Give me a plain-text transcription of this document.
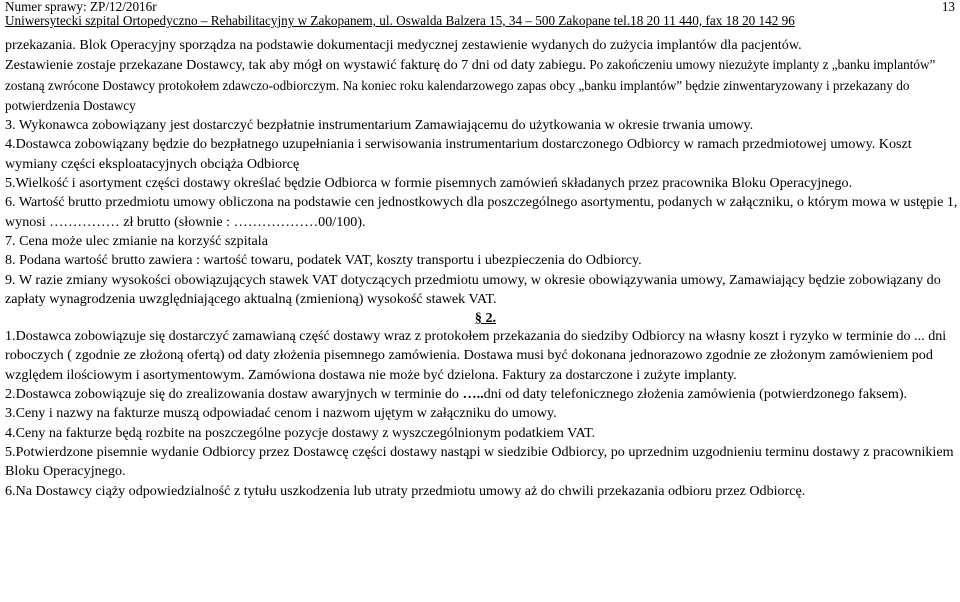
Numer sprawy: ZP/12/2016r	13
Uniwersytecki szpital Ortopedyczno – Rehabilitacyjny w Zakopanem, ul. Oswalda Balzera 15, 34 – 500 Zakopane tel.18 20 11 440, fax 18 20 142 96

przekazania. Blok Operacyjny sporządza na podstawie dokumentacji medycznej zestawienie wydanych do zużycia implantów dla pacjentów.

Zestawienie zostaje przekazane Dostawcy, tak aby mógł on wystawić fakturę do 7 dni od daty zabiegu. Po zakończeniu umowy niezużyte implanty z „banku implantów” zostaną zwrócone Dostawcy protokołem zdawczo-odbiorczym. Na koniec roku kalendarzowego zapas obcy „banku implantów” będzie zinwentaryzowany i przekazany do potwierdzenia Dostawcy

3. Wykonawca zobowiązany jest dostarczyć bezpłatnie instrumentarium Zamawiającemu do użytkowania w okresie trwania umowy.

4.Dostawca zobowiązany będzie do bezpłatnego uzupełniania i serwisowania instrumentarium dostarczonego Odbiorcy w ramach przedmiotowej umowy. Koszt wymiany części eksploatacyjnych obciąża Odbiorcę

5.Wielkość i asortyment części dostawy określać będzie Odbiorca w formie pisemnych zamówień składanych przez pracownika Bloku Operacyjnego.

6. Wartość brutto przedmiotu umowy obliczona na podstawie cen jednostkowych dla poszczególnego asortymentu, podanych w załączniku, o którym mowa w ustępie 1, wynosi …………… zł brutto (słownie : ………………00/100).

7. Cena może ulec zmianie na korzyść szpitala

8. Podana wartość brutto zawiera : wartość towaru, podatek VAT, koszty transportu i ubezpieczenia do Odbiorcy.

9. W razie zmiany wysokości obowiązujących stawek VAT dotyczących przedmiotu umowy, w okresie obowiązywania umowy, Zamawiający będzie zobowiązany do zapłaty wynagrodzenia uwzględniającego aktualną (zmienioną) wysokość stawek VAT.

§ 2.

1.Dostawca zobowiązuje się dostarczyć zamawianą część dostawy wraz z protokołem przekazania do siedziby Odbiorcy na własny koszt i ryzyko w terminie do ... dni roboczych ( zgodnie ze złożoną ofertą) od daty złożenia pisemnego zamówienia. Dostawa musi być dokonana jednorazowo zgodnie ze złożonym zamówieniem pod względem ilościowym i asortymentowym. Zamówiona dostawa nie może być dzielona. Faktury za dostarczone i zużyte implanty.

2.Dostawca zobowiązuje się do zrealizowania dostaw awaryjnych w terminie do …..dni od daty telefonicznego złożenia zamówienia (potwierdzonego faksem).

3.Ceny i nazwy na fakturze muszą odpowiadać cenom i nazwom ujętym w załączniku do umowy.

4.Ceny na fakturze będą rozbite na poszczególne pozycje dostawy z wyszczególnionym podatkiem VAT.

5.Potwierdzone pisemnie wydanie Odbiorcy przez Dostawcę części dostawy nastąpi w siedzibie Odbiorcy, po uprzednim uzgodnieniu terminu dostawy z pracownikiem Bloku Operacyjnego.

6.Na Dostawcy ciąży odpowiedzialność z tytułu uszkodzenia lub utraty przedmiotu umowy aż do chwili przekazania odbioru przez Odbiorcę.
